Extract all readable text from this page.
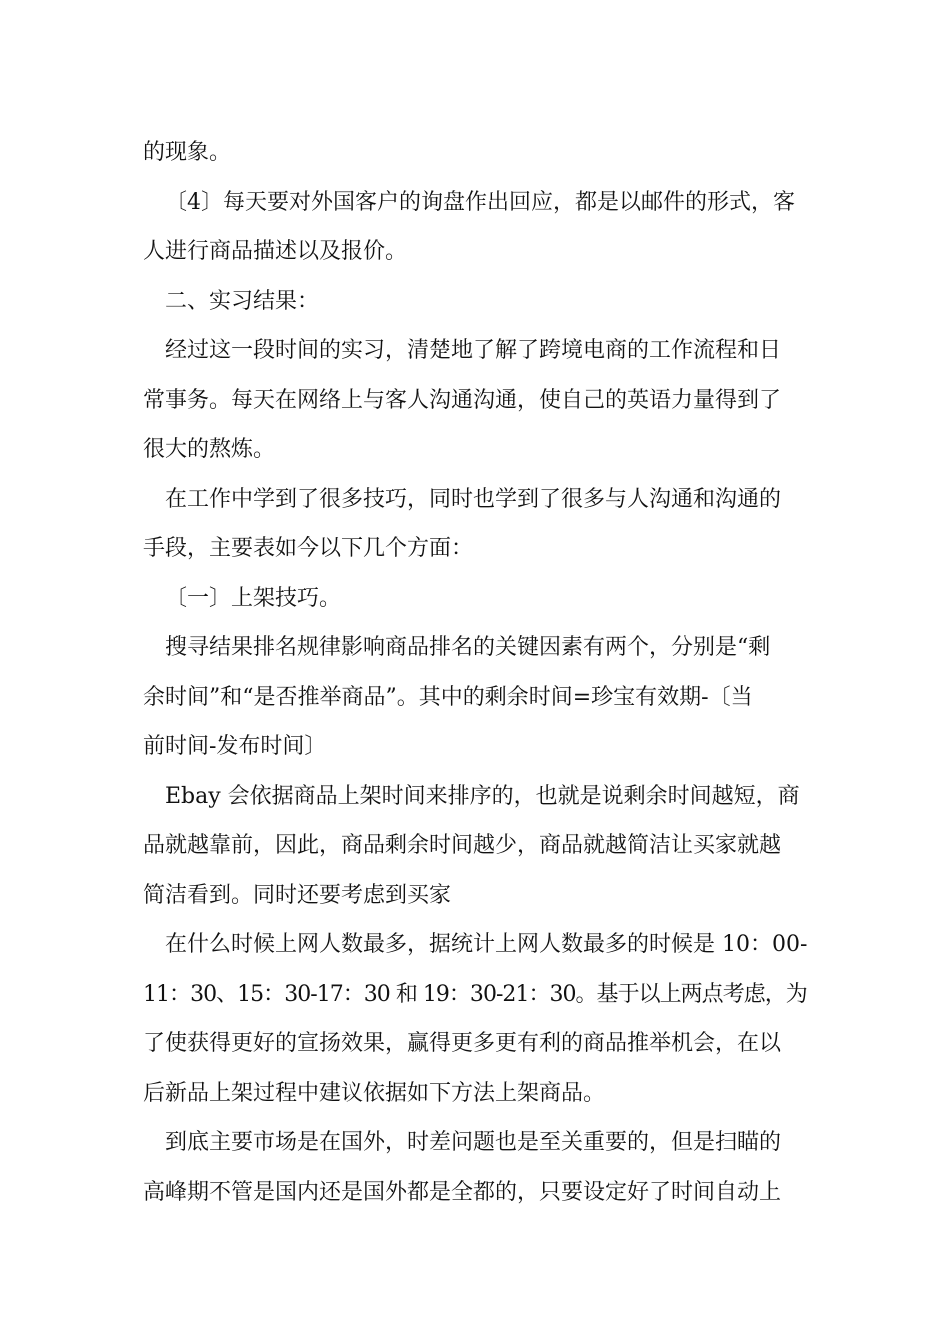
的现象。
〔4〕每天要对外国客户的询盘作出回应，都是以邮件的形式，客
人进行商品描述以及报价。
二、实习结果：
经过这一段时间的实习，清楚地了解了跨境电商的工作流程和日
常事务。每天在网络上与客人沟通沟通，使自己的英语力量得到了
很大的熬炼。
在工作中学到了很多技巧，同时也学到了很多与人沟通和沟通的
手段，主要表如今以下几个方面：
〔一〕上架技巧。
搜寻结果排名规律影响商品排名的关键因素有两个，分别是“剩
余时间”和“是否推举商品”。其中的剩余时间=珍宝有效期-〔当
前时间-发布时间〕
Ebay 会依据商品上架时间来排序的，也就是说剩余时间越短，商
品就越靠前，因此，商品剩余时间越少，商品就越简洁让买家就越
简洁看到。同时还要考虑到买家
在什么时候上网人数最多，据统计上网人数最多的时候是 10：00-
11：30、15：30-17：30 和 19：30-21：30。基于以上两点考虑，为
了使获得更好的宣扬效果，赢得更多更有利的商品推举机会，在以
后新品上架过程中建议依据如下方法上架商品。
到底主要市场是在国外，时差问题也是至关重要的，但是扫瞄的
高峰期不管是国内还是国外都是全都的，只要设定好了时间自动上
